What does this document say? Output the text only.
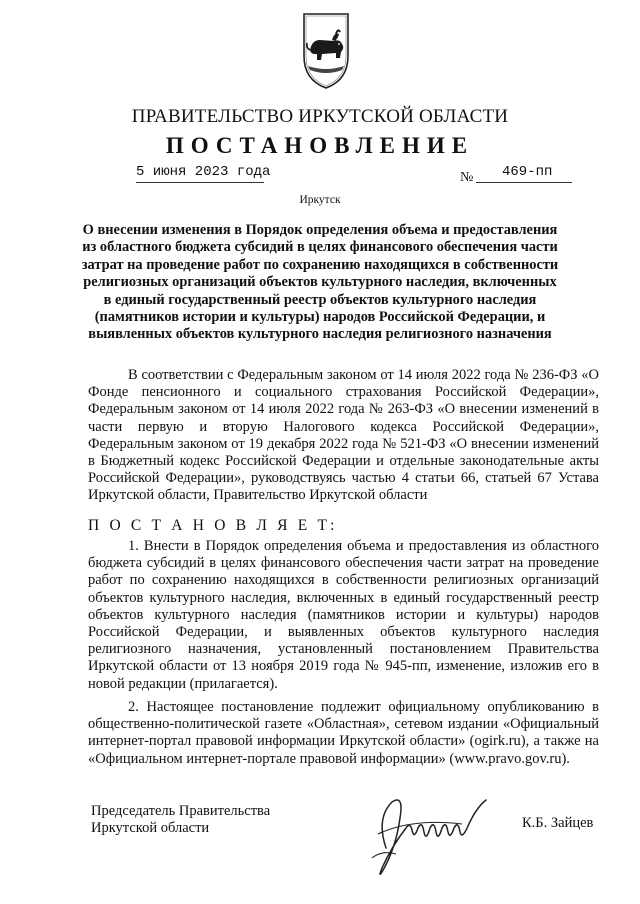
ПРАВИТЕЛЬСТВО ИРКУТСКОЙ ОБЛАСТИ
ПОСТАНОВЛЕНИЕ
5 июня 2023 года	№ 469-пп
Иркутск
О внесении изменения в Порядок определения объема и предоставления из областного бюджета субсидий в целях финансового обеспечения части затрат на проведение работ по сохранению находящихся в собственности религиозных организаций объектов культурного наследия, включенных в единый государственный реестр объектов культурного наследия (памятников истории и культуры) народов Российской Федерации, и выявленных объектов культурного наследия религиозного назначения

В соответствии с Федеральным законом от 14 июля 2022 года № 236-ФЗ «О Фонде пенсионного и социального страхования Российской Федерации», Федеральным законом от 14 июля 2022 года № 263-ФЗ «О внесении изменений в части первую и вторую Налогового кодекса Российской Федерации», Федеральным законом от 19 декабря 2022 года № 521-ФЗ «О внесении изменений в Бюджетный кодекс Российской Федерации и отдельные законодательные акты Российской Федерации», руководствуясь частью 4 статьи 66, статьей 67 Устава Иркутской области, Правительство Иркутской области

П О С Т А Н О В Л Я Е Т:

1. Внести в Порядок определения объема и предоставления из областного бюджета субсидий в целях финансового обеспечения части затрат на проведение работ по сохранению находящихся в собственности религиозных организаций объектов культурного наследия, включенных в единый государственный реестр объектов культурного наследия (памятников истории и культуры) народов Российской Федерации, и выявленных объектов культурного наследия религиозного назначения, установленный постановлением Правительства Иркутской области от 13 ноября 2019 года № 945-пп, изменение, изложив его в новой редакции (прилагается).

2. Настоящее постановление подлежит официальному опубликованию в общественно-политической газете «Областная», сетевом издании «Официальный интернет-портал правовой информации Иркутской области» (ogirk.ru), а также на «Официальном интернет-портале правовой информации» (www.pravo.gov.ru).

Председатель Правительства
Иркутской области	К.Б. Зайцев
